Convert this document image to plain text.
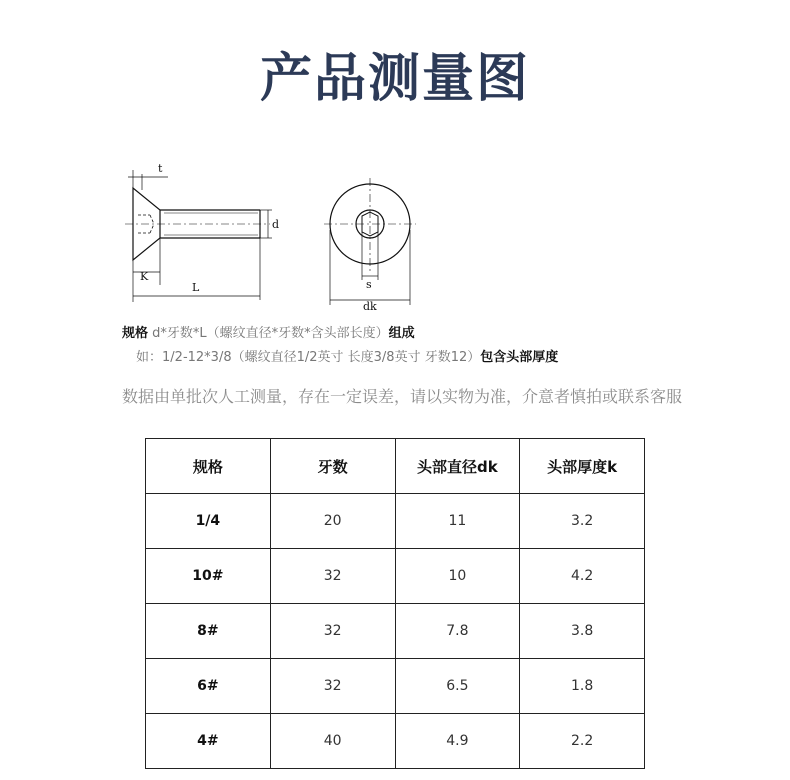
产品测量图
t
d
K
L	s
dk
规格 d*牙数*L（螺纹直径*牙数*含头部长度）组成
如：1/2-12*3/8（螺纹直径1/2英寸 长度3/8英寸 牙数12）包含头部厚度
数据由单批次人工测量，存在一定误差，请以实物为准，介意者慎拍或联系客服
规格	牙数	头部直径dk	头部厚度k
1/4	20	11	3.2
10#	32	10	4.2
8#	32	7.8	3.8
6#	32	6.5	1.8
4#	40	4.9	2.2
